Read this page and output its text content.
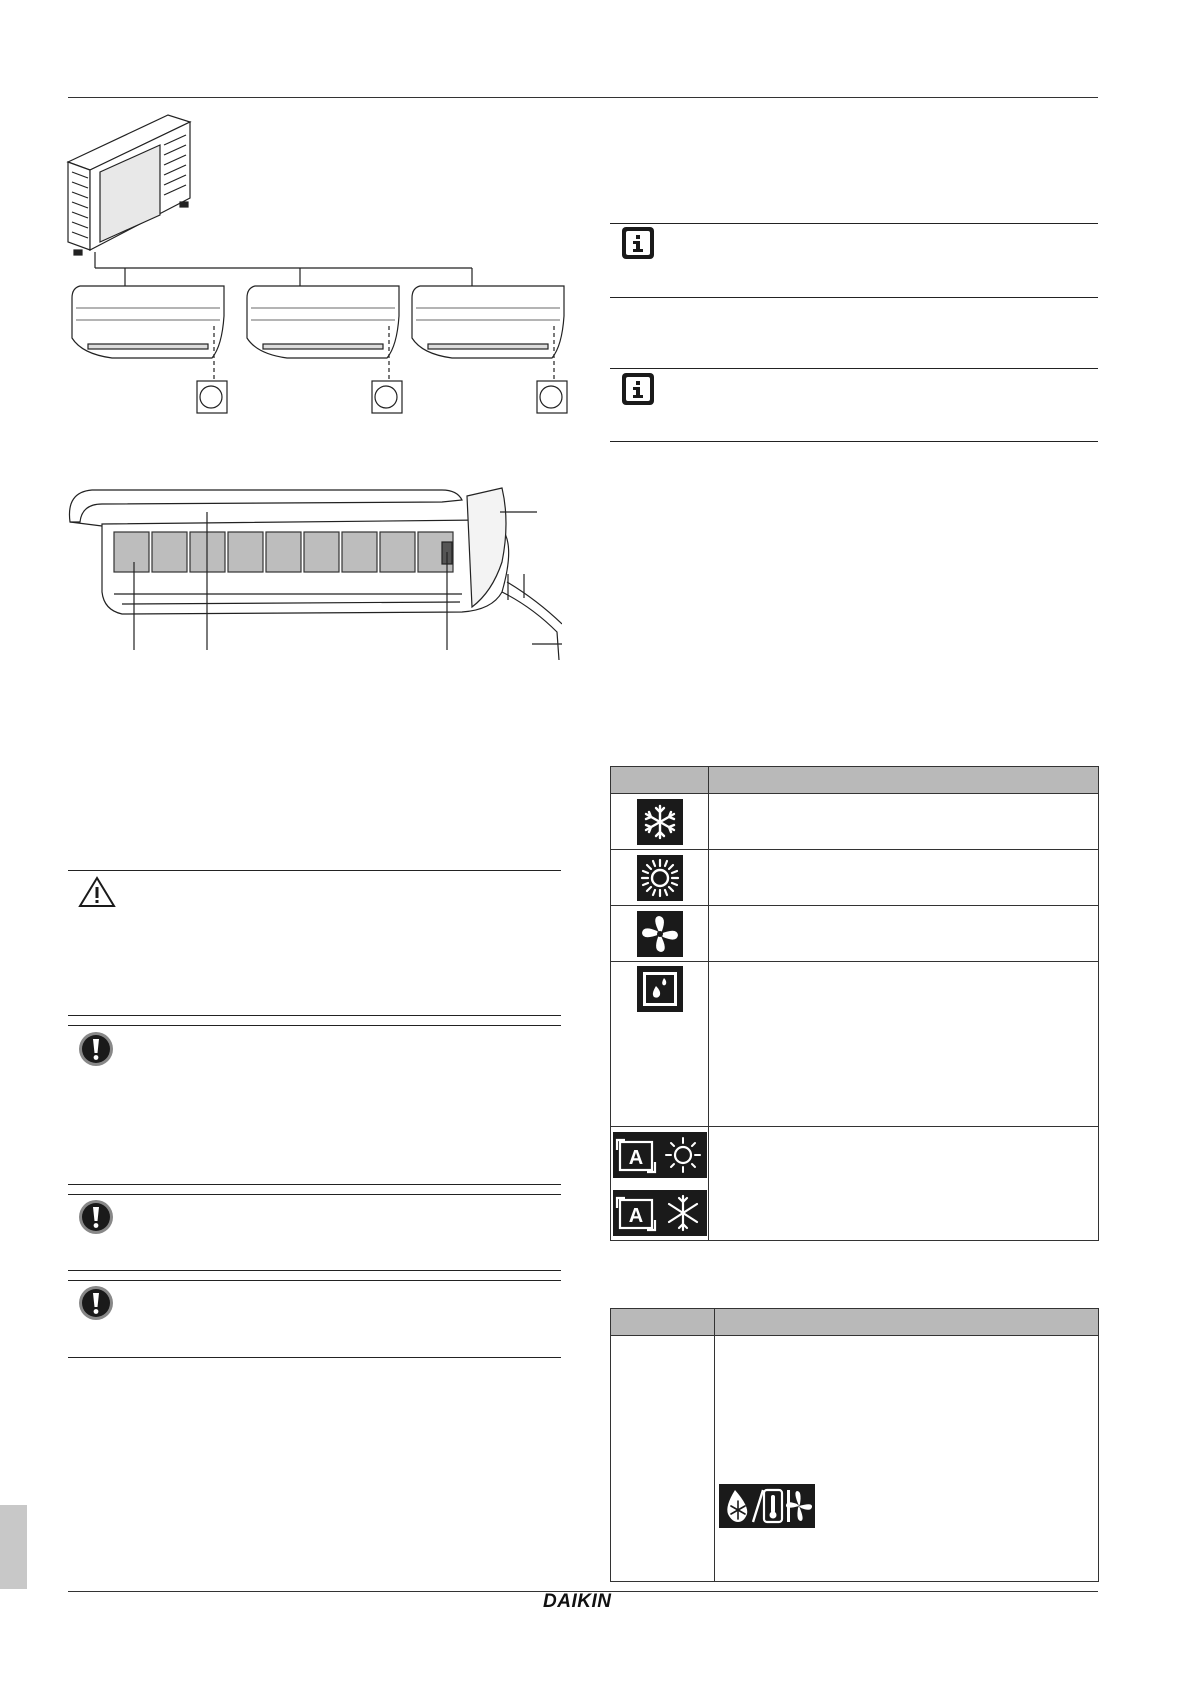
A
A	

DAIKIN
